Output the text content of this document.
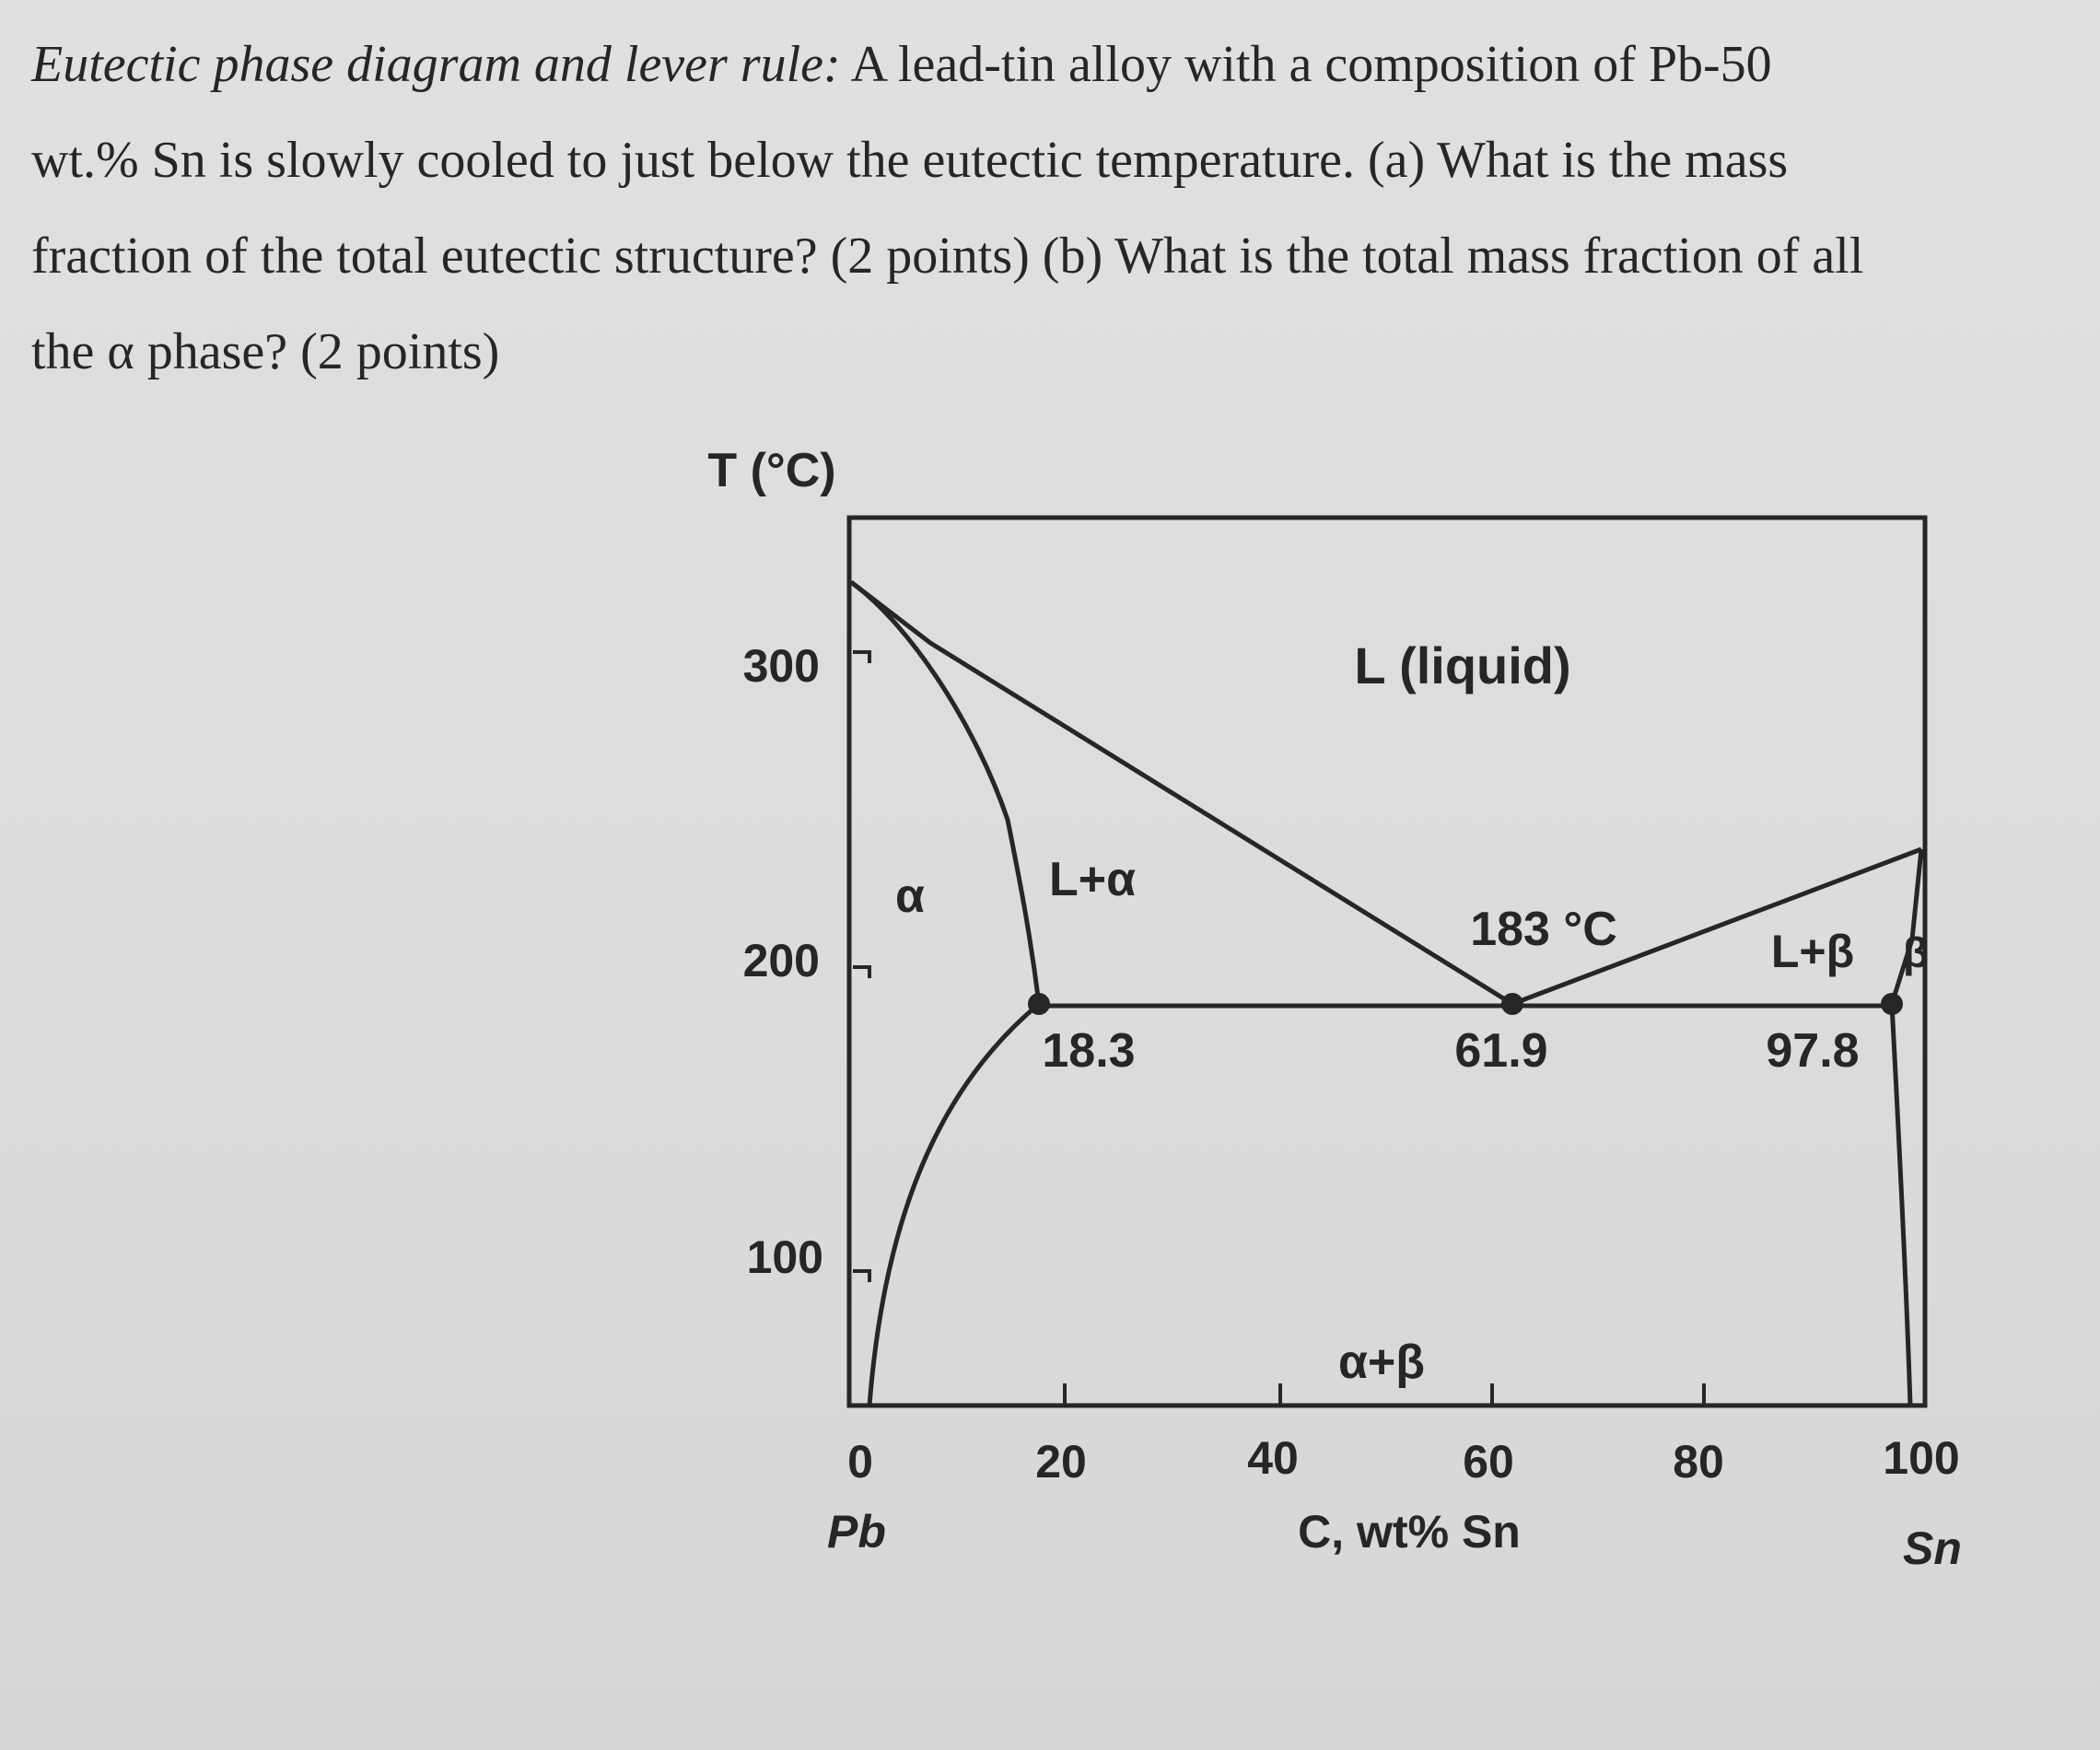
Eutectic phase diagram and lever rule: A lead-tin alloy with a composition of Pb-50
wt.% Sn is slowly cooled to just below the eutectic temperature. (a) What is the mass
fraction of the total eutectic structure? (2 points) (b) What is the total mass fraction of all
the α phase? (2 points)
T (°C)
300
200
100
0	20	40	60	80	100
Pb	C, wt% Sn	Sn
L (liquid)
α	L+α
L+β β
α+β
183 °C
18.3	61.9	97.8
